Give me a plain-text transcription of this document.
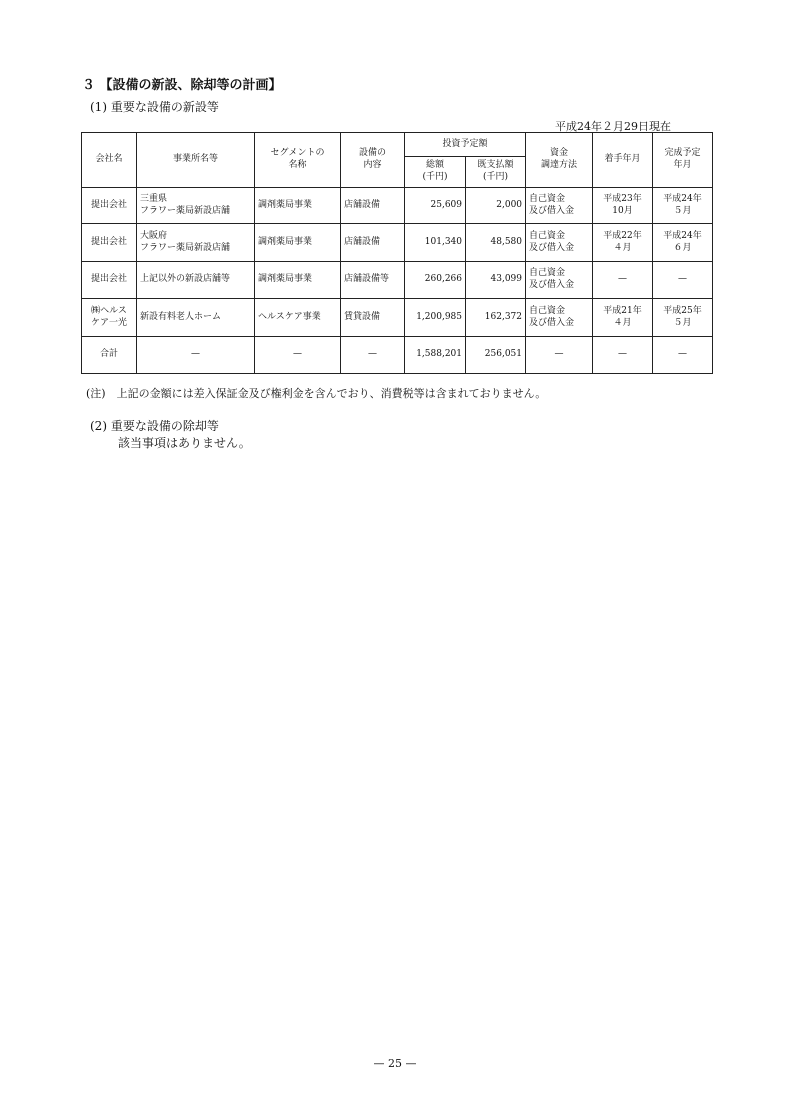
３ 【設備の新設、除却等の計画】
(1) 重要な設備の新設等
平成24年２月29日現在
会社名	事業所名等	セグメントの
名称	設備の
内容	投資予定額		資金
調達方法	着手年月	完成予定
年月
				総額
(千円)	既支払額
(千円)			
提出会社	三重県
フラワー薬局新設店舗	調剤薬局事業	店舗設備	25,609	2,000	自己資金
及び借入金	平成23年
10月	平成24年
５月
提出会社	大阪府
フラワー薬局新設店舗	調剤薬局事業	店舗設備	101,340	48,580	自己資金
及び借入金	平成22年
４月	平成24年
６月
提出会社	上記以外の新設店舗等	調剤薬局事業	店舗設備等	260,266	43,099	自己資金
及び借入金	—	—
㈱ヘルス
ケア一光	新設有料老人ホーム	ヘルスケア事業	賃貸設備	1,200,985	162,372	自己資金
及び借入金	平成21年
４月	平成25年
５月
合計	—	—	—	1,588,201	256,051	—	—	—
(注)　上記の金額には差入保証金及び権利金を含んでおり、消費税等は含まれておりません。
(2) 重要な設備の除却等
該当事項はありません。
— 25 —
